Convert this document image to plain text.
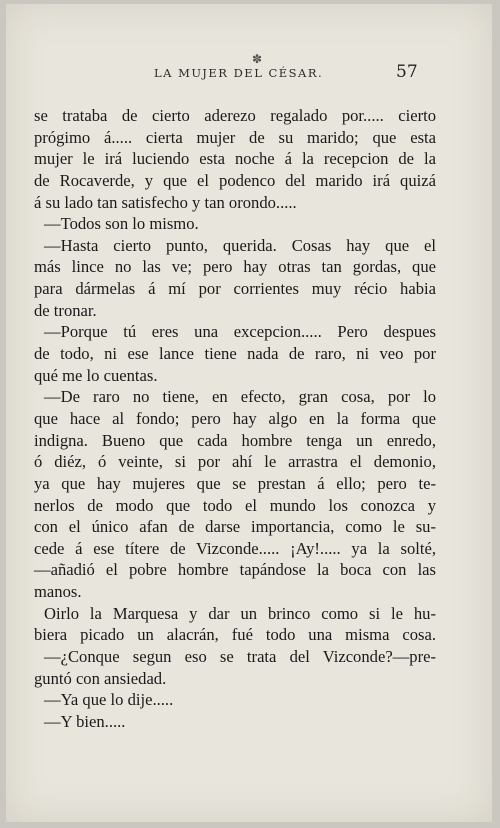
✽
LA MUJER DEL CÉSAR.	57
se trataba de cierto aderezo regalado por..... cierto
prógimo á..... cierta mujer de su marido; que esta
mujer le irá luciendo esta noche á la recepcion de la
de Rocaverde, y que el podenco del marido irá quizá
á su lado tan satisfecho y tan orondo.....
—Todos son lo mismo.
—Hasta cierto punto, querida. Cosas hay que el
más lince no las ve; pero hay otras tan gordas, que
para dármelas á mí por corrientes muy récio habia
de tronar.
—Porque tú eres una excepcion..... Pero despues
de todo, ni ese lance tiene nada de raro, ni veo por
qué me lo cuentas.
—De raro no tiene, en efecto, gran cosa, por lo
que hace al fondo; pero hay algo en la forma que
indigna. Bueno que cada hombre tenga un enredo,
ó diéz, ó veinte, si por ahí le arrastra el demonio,
ya que hay mujeres que se prestan á ello; pero te-
nerlos de modo que todo el mundo los conozca y
con el único afan de darse importancia, como le su-
cede á ese títere de Vizconde..... ¡Ay!..... ya la solté,
—añadió el pobre hombre tapándose la boca con las
manos.
Oirlo la Marquesa y dar un brinco como si le hu-
biera picado un alacrán, fué todo una misma cosa.
—¿Conque segun eso se trata del Vizconde?—pre-
guntó con ansiedad.
—Ya que lo dije.....
—Y bien.....
